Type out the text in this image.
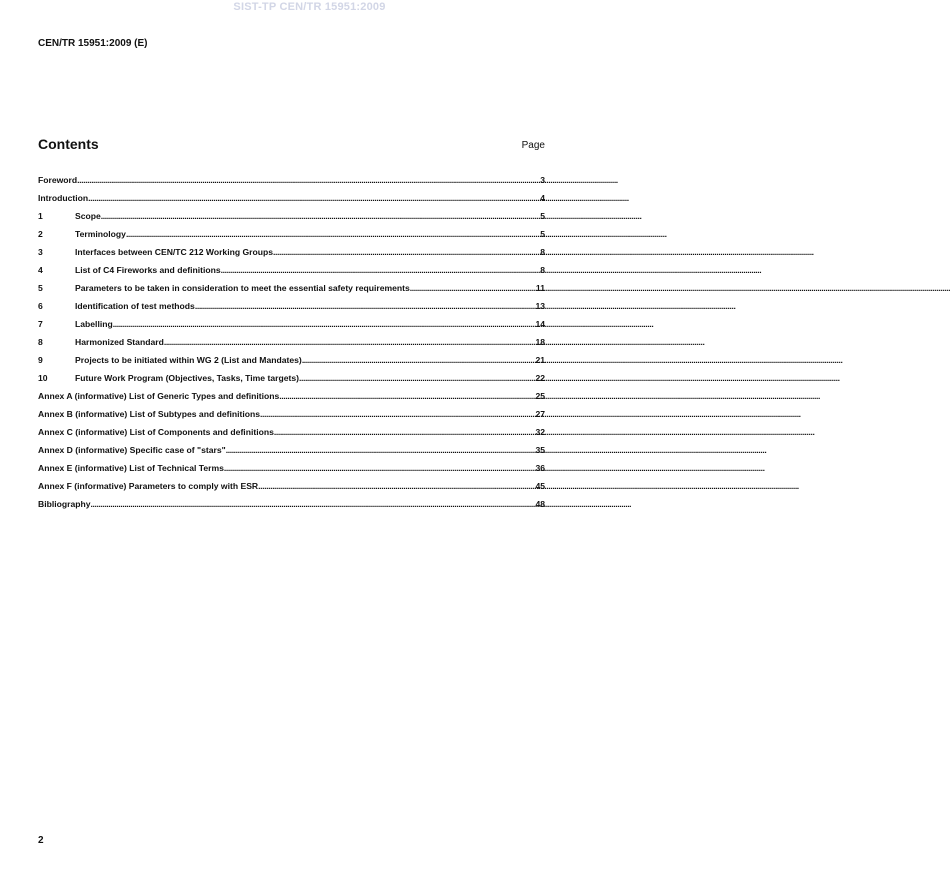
SIST-TP CEN/TR 15951:2009
CEN/TR 15951:2009 (E)
Contents	Page
Foreword .....	3
Introduction .....	4
1	Scope .....	5
2	Terminology .....	5
3	Interfaces between CEN/TC 212 Working Groups .....	8
4	List of C4 Fireworks and definitions .....	8
5	Parameters to be taken in consideration to meet the essential safety requirements .....	11
6	Identification of test methods .....	13
7	Labelling .....	14
8	Harmonized Standard .....	18
9	Projects to be initiated within WG 2 (List and Mandates) .....	21
10	Future Work Program (Objectives, Tasks, Time targets) .....	22
Annex A (informative) List of Generic Types and definitions .....	25
Annex B (informative) List of Subtypes and definitions .....	27
Annex C (informative) List of Components and definitions .....	32
Annex D (informative) Specific case of "stars" .....	35
Annex E (informative) List of Technical Terms .....	36
Annex F (informative) Parameters to comply with ESR .....	45
Bibliography .....	48
2
